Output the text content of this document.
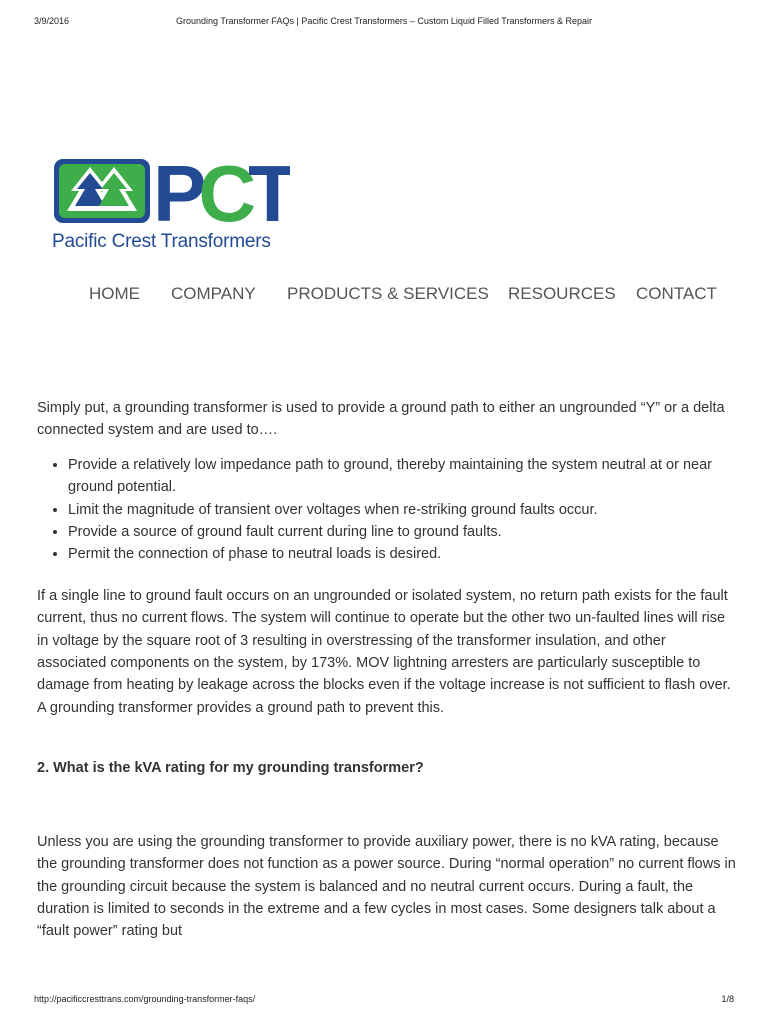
3/9/2016	Grounding Transformer FAQs | Pacific Crest Transformers – Custom Liquid Filled Transformers & Repair
PCT
Pacific Crest Transformers
HOME COMPANY PRODUCTS & SERVICES RESOURCES CONTACT

Simply put, a grounding transformer is used to provide a ground path to either an ungrounded “Y” or a delta connected system and are used to….

• Provide a relatively low impedance path to ground, thereby maintaining the system neutral at or near ground potential.
• Limit the magnitude of transient over voltages when re-striking ground faults occur.
• Provide a source of ground fault current during line to ground faults.
• Permit the connection of phase to neutral loads is desired.

If a single line to ground fault occurs on an ungrounded or isolated system, no return path exists for the fault current, thus no current flows. The system will continue to operate but the other two un-faulted lines will rise in voltage by the square root of 3 resulting in overstressing of the transformer insulation, and other associated components on the system, by 173%. MOV lightning arresters are particularly susceptible to damage from heating by leakage across the blocks even if the voltage increase is not sufficient to flash over. A grounding transformer provides a ground path to prevent this.

2. What is the kVA rating for my grounding transformer?

Unless you are using the grounding transformer to provide auxiliary power, there is no kVA rating, because the grounding transformer does not function as a power source. During “normal operation” no current flows in the grounding circuit because the system is balanced and no neutral current occurs. During a fault, the duration is limited to seconds in the extreme and a few cycles in most cases. Some designers talk about a “fault power” rating but

http://pacificcresttrans.com/grounding-transformer-faqs/	1/8
